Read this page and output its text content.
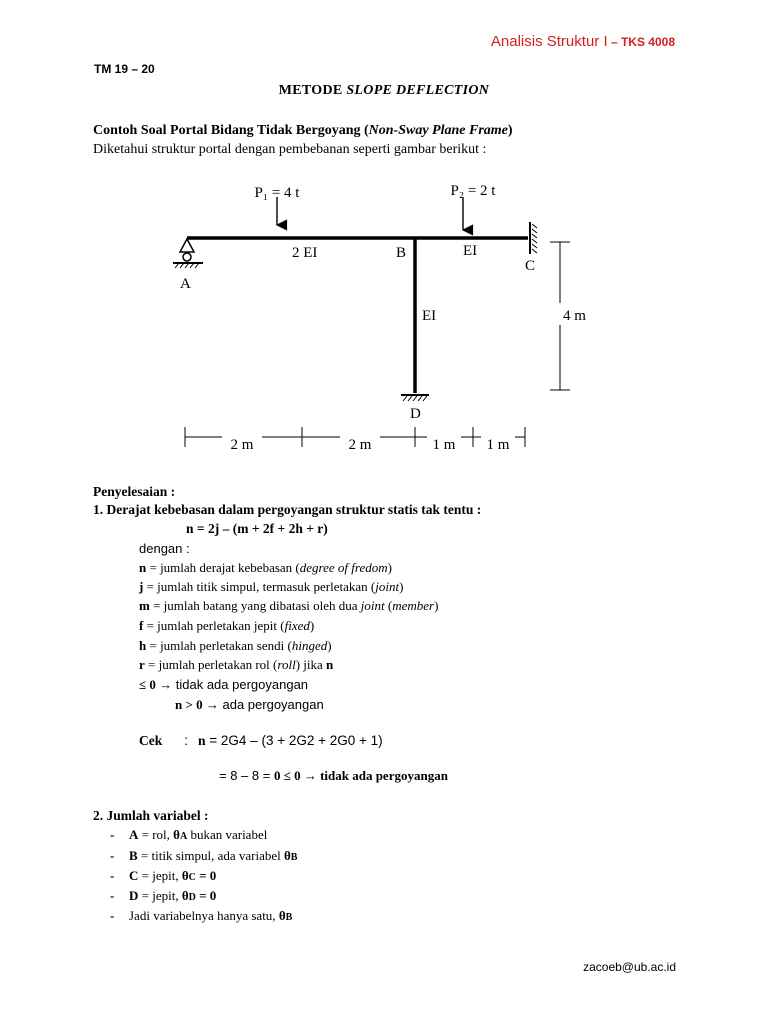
Analisis Struktur I – TKS 4008
TM 19 – 20
METODE SLOPE DEFLECTION
Contoh Soal Portal Bidang Tidak Bergoyang (Non-Sway Plane Frame)
Diketahui struktur portal dengan pembebanan seperti gambar berikut :
P₁ = 4 t	P₂ = 2 t
2 EI	EI
EI
A
B
C
D
4 m
2 m	2 m	1 m 1 m
Penyelesaian :
1. Derajat kebebasan dalam pergoyangan struktur statis tak tentu :
n = 2j – (m + 2f + 2h + r)
dengan :
n = jumlah derajat kebebasan (degree of fredom)
j = jumlah titik simpul, termasuk perletakan (joint)
m = jumlah batang yang dibatasi oleh dua joint (member)
f = jumlah perletakan jepit (fixed)
h = jumlah perletakan sendi (hinged)
r = jumlah perletakan rol (roll) jika n
≤ 0 → tidak ada pergoyangan
n > 0 → ada pergoyangan
Cek : n = 2G4 – (3 + 2G2 + 2G0 + 1)
= 8 – 8 = 0 ≤ 0 → tidak ada pergoyangan
2. Jumlah variabel :
- A = rol, θA bukan variabel
- B = titik simpul, ada variabel θB
- C = jepit, θC = 0
- D = jepit, θD = 0
- Jadi variabelnya hanya satu, θB
zacoeb@ub.ac.id
